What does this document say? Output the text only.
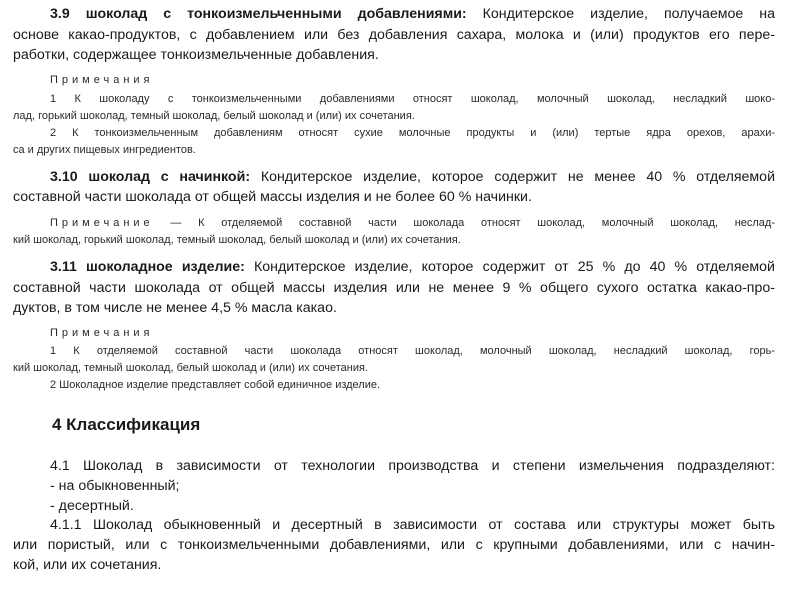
3.9 шоколад с тонкоизмельченными добавлениями: Кондитерское изделие, получаемое на
основе какао-продуктов, с добавлением или без добавления сахара, молока и (или) продуктов его пере-
работки, содержащее тонкоизмельченные добавления.
Примечания
1 К шоколаду с тонкоизмельченными добавлениями относят шоколад, молочный шоколад, несладкий шоко-
лад, горький шоколад, темный шоколад, белый шоколад и (или) их сочетания.
2 К тонкоизмельченным добавлениям относят сухие молочные продукты и (или) тертые ядра орехов, арахи-
са и других пищевых ингредиентов.
3.10 шоколад с начинкой: Кондитерское изделие, которое содержит не менее 40 % отделяемой
составной части шоколада от общей массы изделия и не более 60 % начинки.
Примечание — К отделяемой составной части шоколада относят шоколад, молочный шоколад, неслад-
кий шоколад, горький шоколад, темный шоколад, белый шоколад и (или) их сочетания.
3.11 шоколадное изделие: Кондитерское изделие, которое содержит от 25 % до 40 % отделяемой
составной части шоколада от общей массы изделия или не менее 9 % общего сухого остатка какао-про-
дуктов, в том числе не менее 4,5 % масла какао.
Примечания
1 К отделяемой составной части шоколада относят шоколад, молочный шоколад, несладкий шоколад, горь-
кий шоколад, темный шоколад, белый шоколад и (или) их сочетания.
2 Шоколадное изделие представляет собой единичное изделие.
4 Классификация
4.1 Шоколад в зависимости от технологии производства и степени измельчения подразделяют:
- на обыкновенный;
- десертный.
4.1.1 Шоколад обыкновенный и десертный в зависимости от состава или структуры может быть
или пористый, или с тонкоизмельченными добавлениями, или с крупными добавлениями, или с начин-
кой, или их сочетания.
